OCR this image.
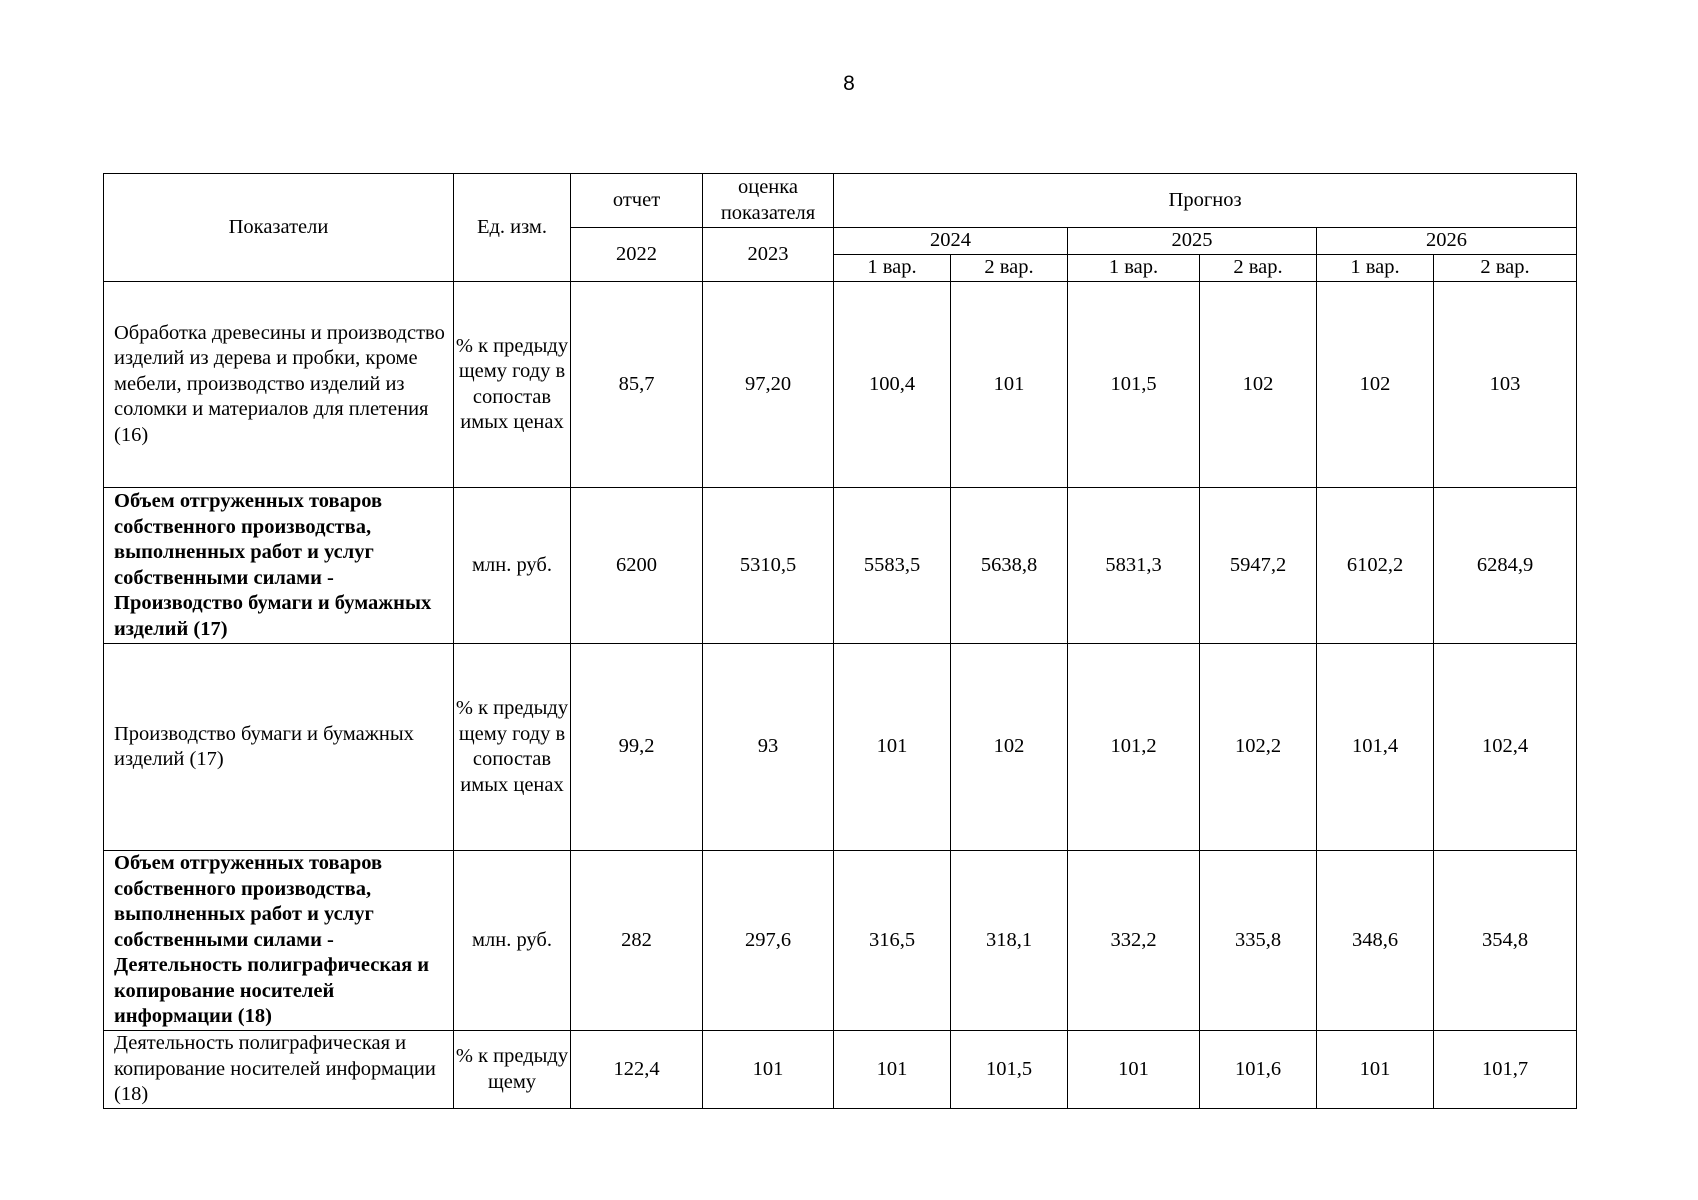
8
Показатели	Ед. изм.	отчет	оценка показателя	Прогноз					
		2022	2023	2024		2025		2026	
				1 вар.	2 вар.	1 вар.	2 вар.	1 вар.	2 вар.
Обработка древесины и производство изделий из дерева и пробки, кроме мебели, производство изделий из соломки и материалов для плетения (16)	% к предыду щему году в сопостав имых ценах	85,7	97,20	100,4	101	101,5	102	102	103
Объем отгруженных товаров собственного производства, выполненных работ и услуг собственными силами - Производство бумаги и бумажных изделий (17)	млн. руб.	6200	5310,5	5583,5	5638,8	5831,3	5947,2	6102,2	6284,9
Производство бумаги и бумажных изделий (17)	% к предыду щему году в сопостав имых ценах	99,2	93	101	102	101,2	102,2	101,4	102,4
Объем отгруженных товаров собственного производства, выполненных работ и услуг собственными силами - Деятельность полиграфическая и копирование носителей информации (18)	млн. руб.	282	297,6	316,5	318,1	332,2	335,8	348,6	354,8
Деятельность полиграфическая и копирование носителей информации (18)	% к предыду щему	122,4	101	101	101,5	101	101,6	101	101,7
